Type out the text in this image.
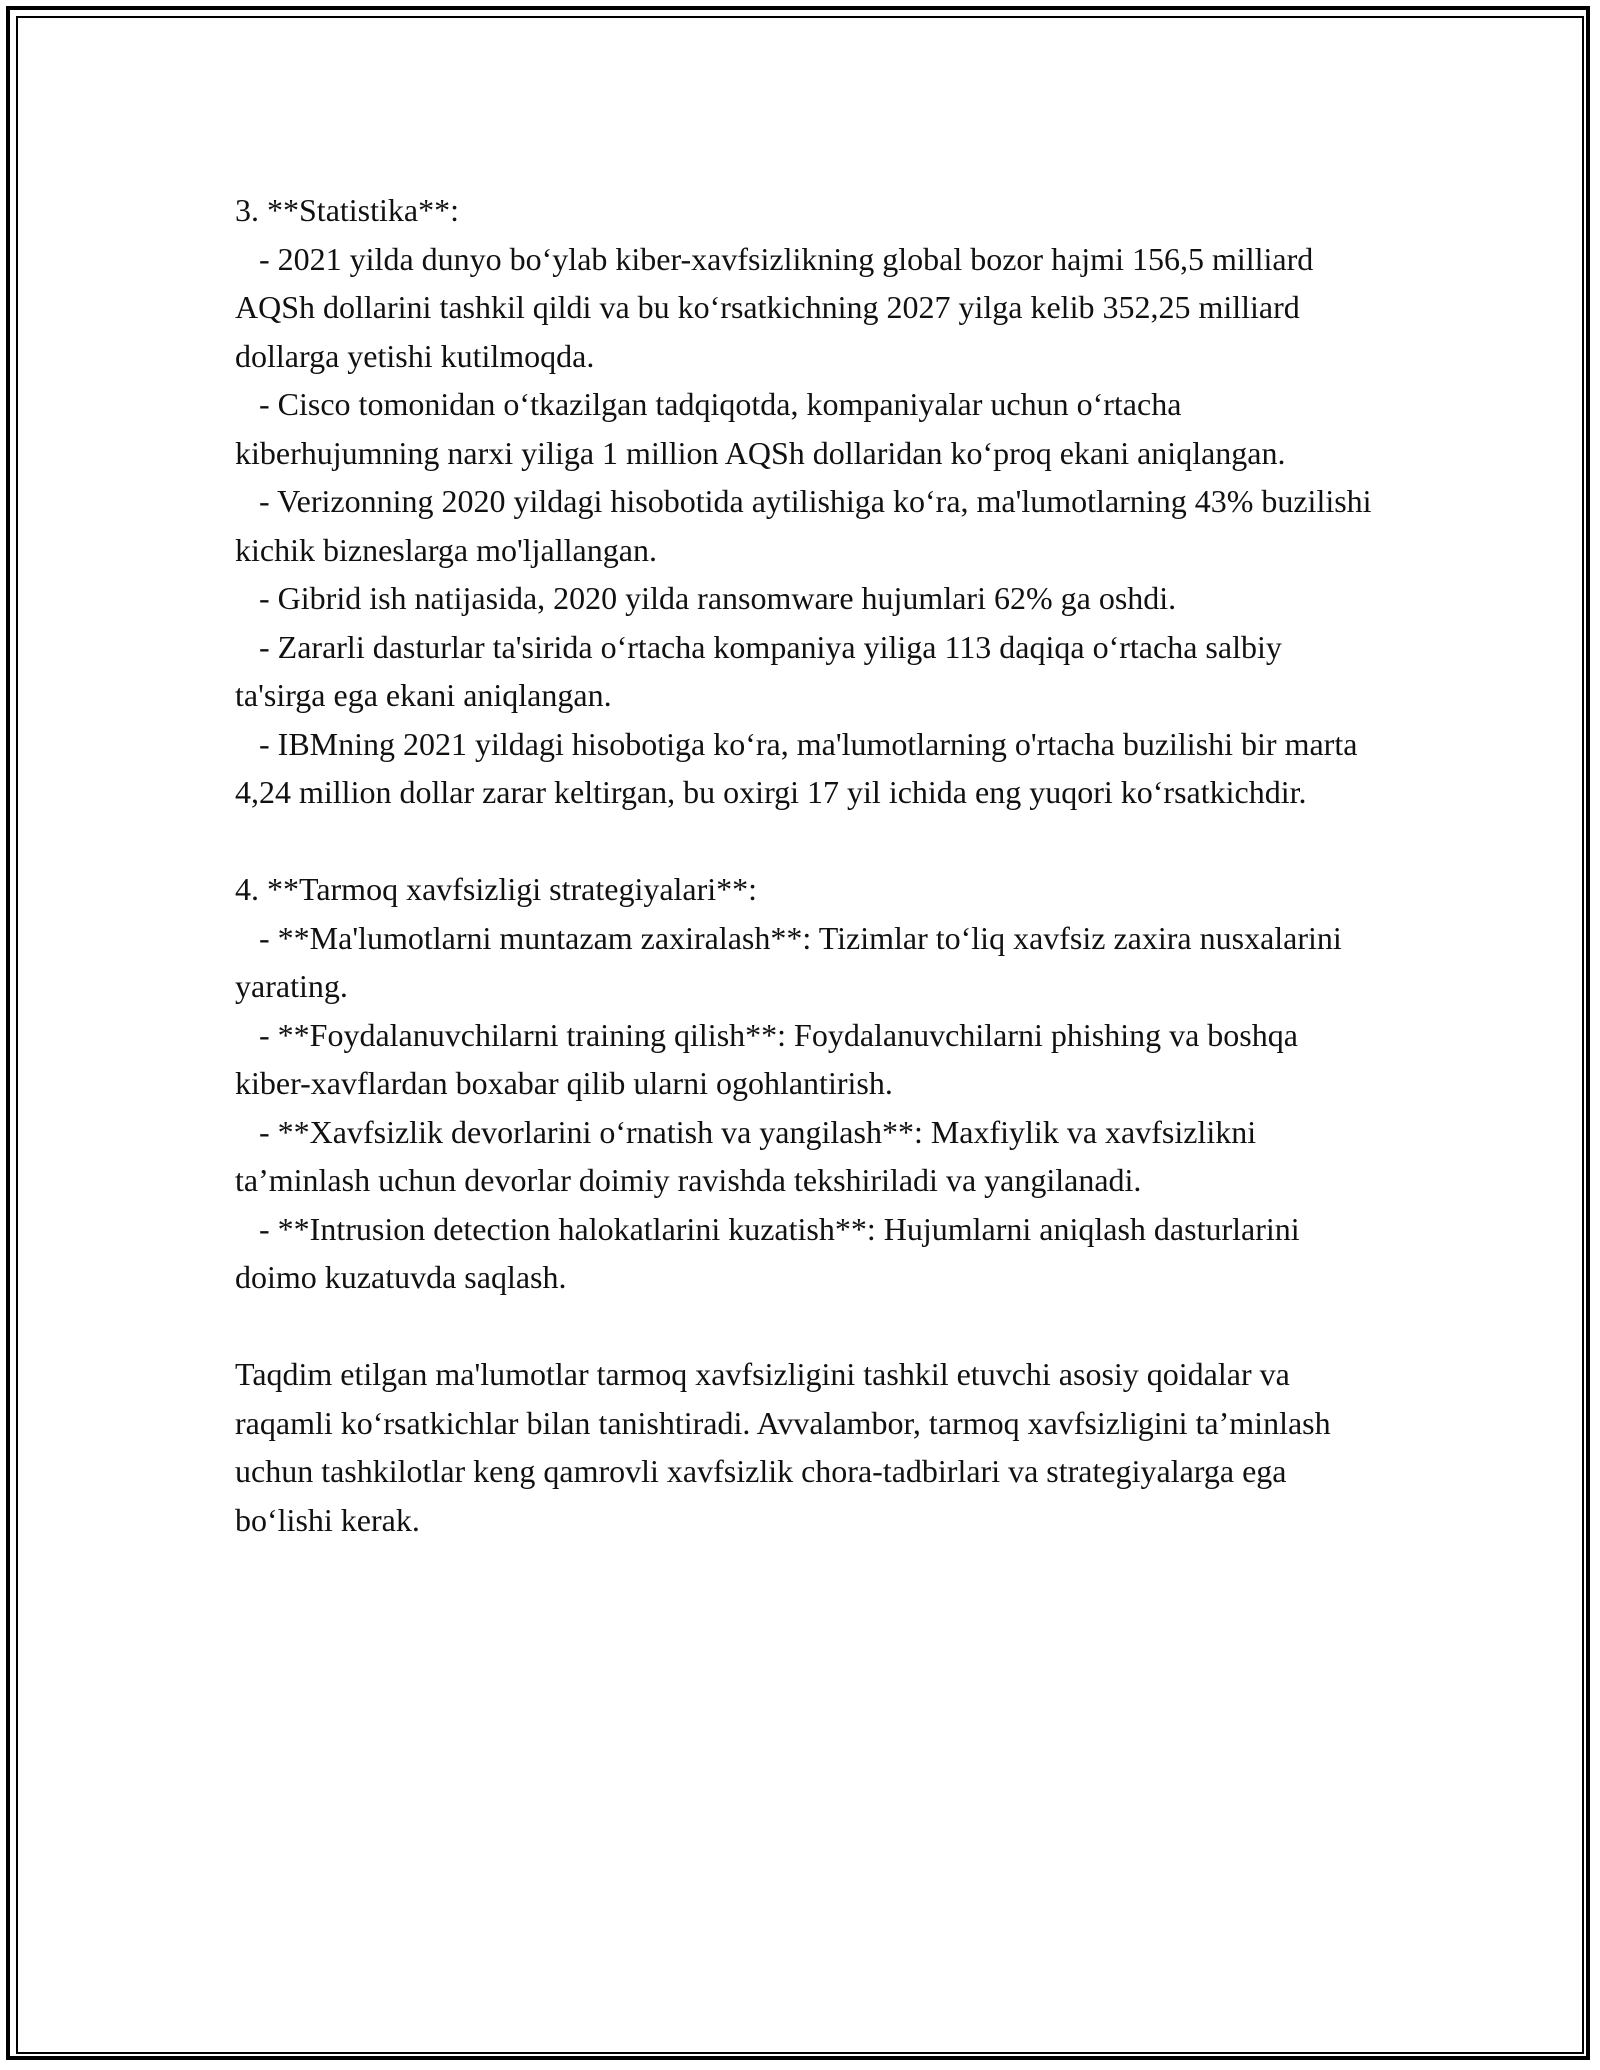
3. **Statistika**:

- 2021 yilda dunyo bo‘ylab kiber-xavfsizlikning global bozor hajmi 156,5 milliard AQSh dollarini tashkil qildi va bu ko‘rsatkichning 2027 yilga kelib 352,25 milliard dollarga yetishi kutilmoqda.

- Cisco tomonidan o‘tkazilgan tadqiqotda, kompaniyalar uchun o‘rtacha kiberhujumning narxi yiliga 1 million AQSh dollaridan ko‘proq ekani aniqlangan.

- Verizonning 2020 yildagi hisobotida aytilishiga ko‘ra, ma'lumotlarning 43% buzilishi kichik bizneslarga mo'ljallangan.

- Gibrid ish natijasida, 2020 yilda ransomware hujumlari 62% ga oshdi.

- Zararli dasturlar ta'sirida o‘rtacha kompaniya yiliga 113 daqiqa o‘rtacha salbiy ta'sirga ega ekani aniqlangan.

- IBMning 2021 yildagi hisobotiga ko‘ra, ma'lumotlarning o'rtacha buzilishi bir marta 4,24 million dollar zarar keltirgan, bu oxirgi 17 yil ichida eng yuqori ko‘rsatkichdir.

4. **Tarmoq xavfsizligi strategiyalari**:

- **Ma'lumotlarni muntazam zaxiralash**: Tizimlar to‘liq xavfsiz zaxira nusxalarini yarating.

- **Foydalanuvchilarni training qilish**: Foydalanuvchilarni phishing va boshqa kiber-xavflardan boxabar qilib ularni ogohlantirish.

- **Xavfsizlik devorlarini o‘rnatish va yangilash**: Maxfiylik va xavfsizlikni ta’minlash uchun devorlar doimiy ravishda tekshiriladi va yangilanadi.

- **Intrusion detection halokatlarini kuzatish**: Hujumlarni aniqlash dasturlarini doimo kuzatuvda saqlash.

Taqdim etilgan ma'lumotlar tarmoq xavfsizligini tashkil etuvchi asosiy qoidalar va raqamli ko‘rsatkichlar bilan tanishtiradi. Avvalambor, tarmoq xavfsizligini ta’minlash uchun tashkilotlar keng qamrovli xavfsizlik chora-tadbirlari va strategiyalarga ega bo‘lishi kerak.
